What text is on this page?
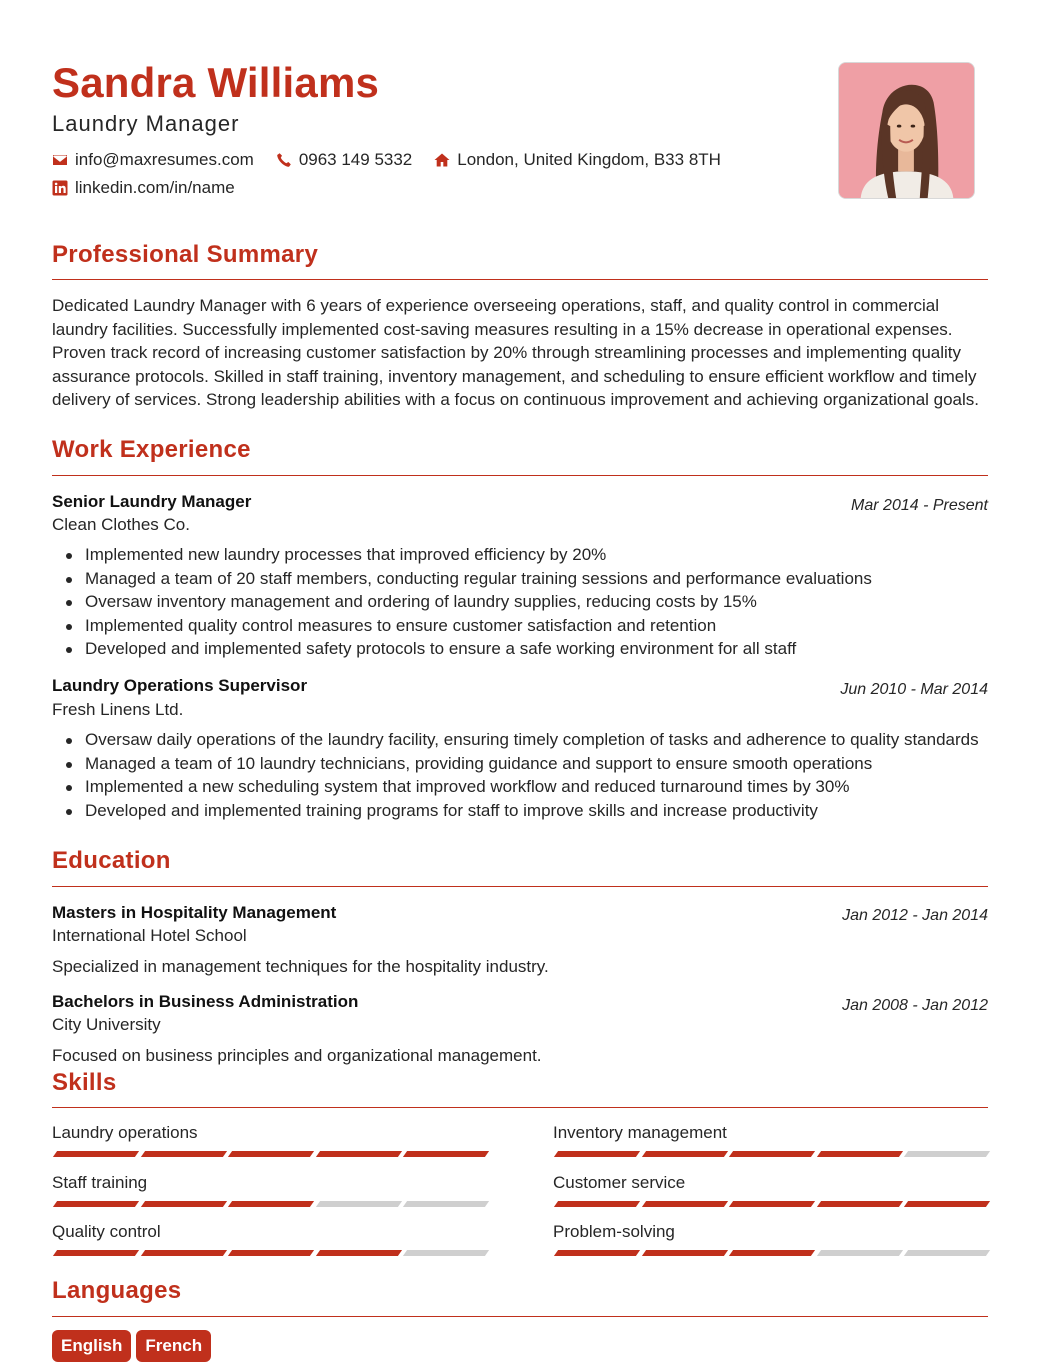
Sandra Williams
Laundry Manager
info@maxresumes.com	0963 149 5332	London, United Kingdom, B33 8TH
linkedin.com/in/name
Professional Summary
Dedicated Laundry Manager with 6 years of experience overseeing operations, staff, and quality control in commercial laundry facilities. Successfully implemented cost-saving measures resulting in a 15% decrease in operational expenses. Proven track record of increasing customer satisfaction by 20% through streamlining processes and implementing quality assurance protocols. Skilled in staff training, inventory management, and scheduling to ensure efficient workflow and timely delivery of services. Strong leadership abilities with a focus on continuous improvement and achieving organizational goals.
Work Experience
Senior Laundry Manager	Mar 2014 - Present
Clean Clothes Co.
Implemented new laundry processes that improved efficiency by 20%
Managed a team of 20 staff members, conducting regular training sessions and performance evaluations
Oversaw inventory management and ordering of laundry supplies, reducing costs by 15%
Implemented quality control measures to ensure customer satisfaction and retention
Developed and implemented safety protocols to ensure a safe working environment for all staff
Laundry Operations Supervisor	Jun 2010 - Mar 2014
Fresh Linens Ltd.
Oversaw daily operations of the laundry facility, ensuring timely completion of tasks and adherence to quality standards
Managed a team of 10 laundry technicians, providing guidance and support to ensure smooth operations
Implemented a new scheduling system that improved workflow and reduced turnaround times by 30%
Developed and implemented training programs for staff to improve skills and increase productivity
Education
Masters in Hospitality Management	Jan 2012 - Jan 2014
International Hotel School
Specialized in management techniques for the hospitality industry.
Bachelors in Business Administration	Jan 2008 - Jan 2012
City University
Focused on business principles and organizational management.
Skills
Laundry operations	Inventory management
Staff training	Customer service
Quality control	Problem-solving
Languages
English	French
